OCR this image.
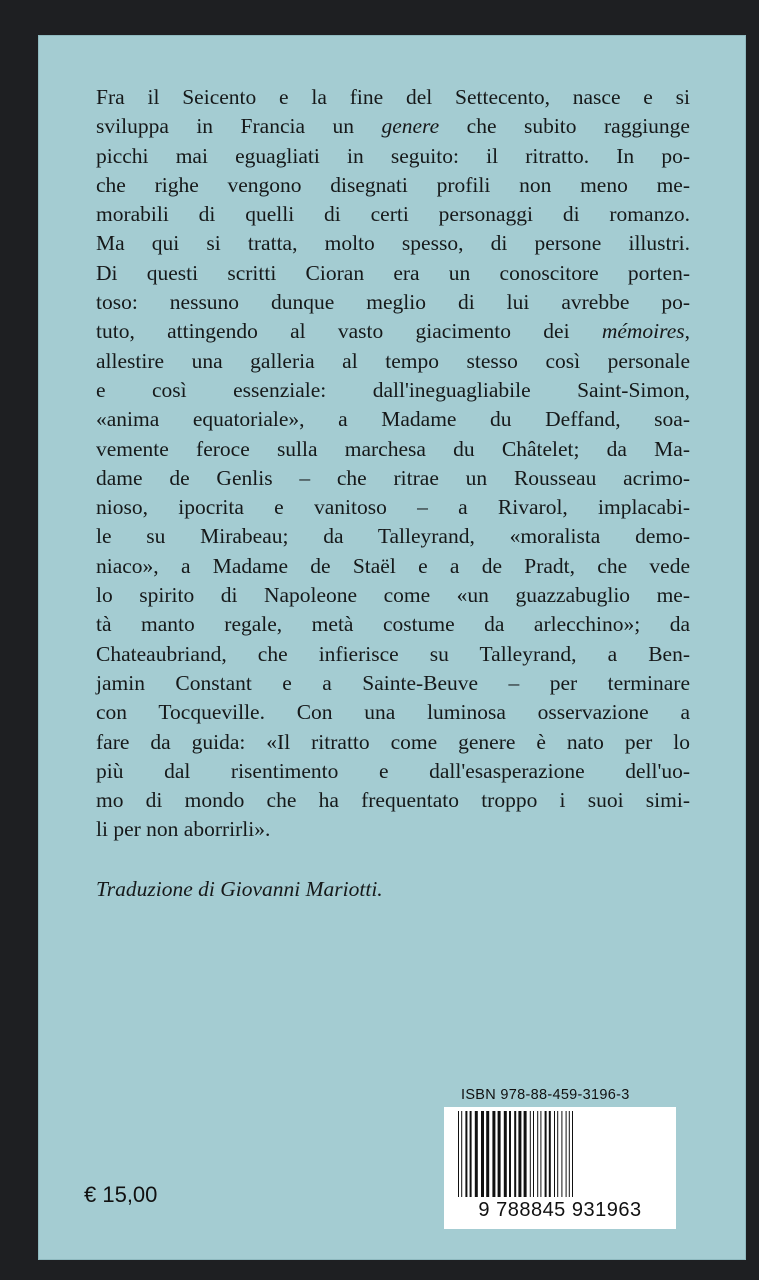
Fra il Seicento e la fine del Settecento, nasce e si
sviluppa in Francia un genere che subito raggiunge
picchi mai eguagliati in seguito: il ritratto. In po-
che righe vengono disegnati profili non meno me-
morabili di quelli di certi personaggi di romanzo.
Ma qui si tratta, molto spesso, di persone illustri.
Di questi scritti Cioran era un conoscitore porten-
toso: nessuno dunque meglio di lui avrebbe po-
tuto, attingendo al vasto giacimento dei mémoires,
allestire una galleria al tempo stesso così personale
e così essenziale: dall'ineguagliabile Saint-Simon,
«anima equatoriale», a Madame du Deffand, soa-
vemente feroce sulla marchesa du Châtelet; da Ma-
dame de Genlis – che ritrae un Rousseau acrimo-
nioso, ipocrita e vanitoso – a Rivarol, implacabi-
le su Mirabeau; da Talleyrand, «moralista demo-
niaco», a Madame de Staël e a de Pradt, che vede
lo spirito di Napoleone come «un guazzabuglio me-
tà manto regale, metà costume da arlecchino»; da
Chateaubriand, che infierisce su Talleyrand, a Ben-
jamin Constant e a Sainte-Beuve – per terminare
con Tocqueville. Con una luminosa osservazione a
fare da guida: «Il ritratto come genere è nato per lo
più dal risentimento e dall'esasperazione dell'uo-
mo di mondo che ha frequentato troppo i suoi simi-
li per non aborrirli».
Traduzione di Giovanni Mariotti.
ISBN 978-88-459-3196-3
9 788845 931963
€ 15,00
